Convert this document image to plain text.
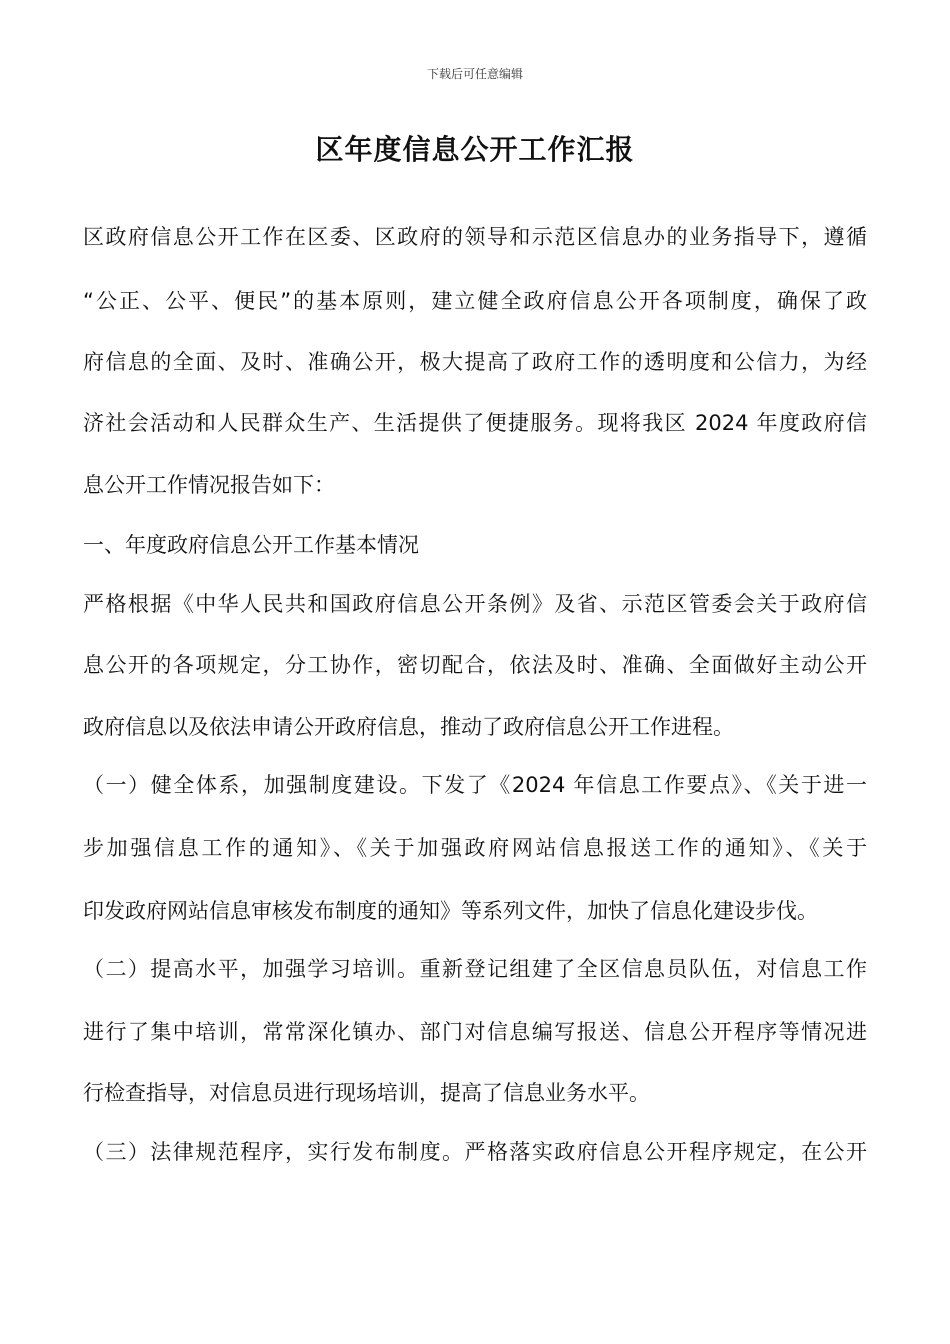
下载后可任意编辑
区年度信息公开工作汇报
区政府信息公开工作在区委、区政府的领导和示范区信息办的业务指导下，遵循
“公正、公平、便民”的基本原则，建立健全政府信息公开各项制度，确保了政
府信息的全面、及时、准确公开，极大提高了政府工作的透明度和公信力，为经
济社会活动和人民群众生产、生活提供了便捷服务。现将我区 2024 年度政府信
息公开工作情况报告如下：
一、年度政府信息公开工作基本情况
严格根据《中华人民共和国政府信息公开条例》及省、示范区管委会关于政府信
息公开的各项规定，分工协作，密切配合，依法及时、准确、全面做好主动公开
政府信息以及依法申请公开政府信息，推动了政府信息公开工作进程。
（一）健全体系，加强制度建设。下发了《2024 年信息工作要点》、《关于进一
步加强信息工作的通知》、《关于加强政府网站信息报送工作的通知》、《关于
印发政府网站信息审核发布制度的通知》等系列文件，加快了信息化建设步伐。
（二）提高水平，加强学习培训。重新登记组建了全区信息员队伍，对信息工作
进行了集中培训，常常深化镇办、部门对信息编写报送、信息公开程序等情况进
行检查指导，对信息员进行现场培训，提高了信息业务水平。
（三）法律规范程序，实行发布制度。严格落实政府信息公开程序规定，在公开
